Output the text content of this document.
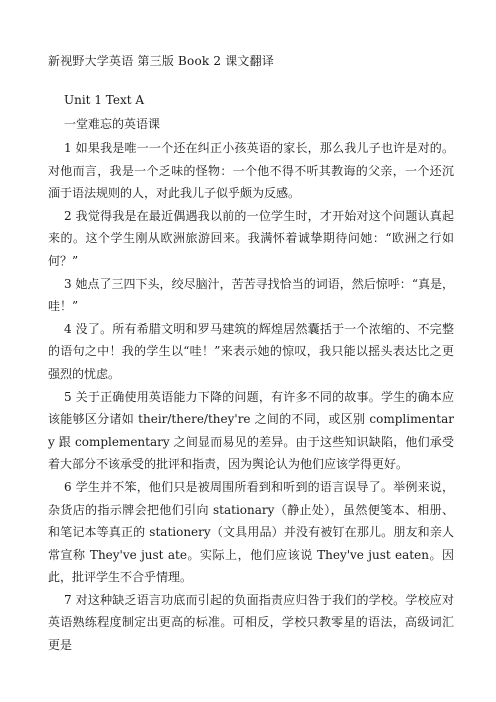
新视野大学英语 第三版 Book 2 课文翻译
Unit 1 Text A
一堂难忘的英语课

1 如果我是唯一一个还在纠正小孩英语的家长，那么我儿子也许是对的。对他而言，我是一个乏味的怪物：一个他不得不听其教诲的父亲，一个还沉湎于语法规则的人，对此我儿子似乎颇为反感。

2 我觉得我是在最近偶遇我以前的一位学生时，才开始对这个问题认真起来的。这个学生刚从欧洲旅游回来。我满怀着诚挚期待问她：“欧洲之行如何？”

3 她点了三四下头，绞尽脑汁，苦苦寻找恰当的词语，然后惊呼：“真是，哇！”

4 没了。所有希腊文明和罗马建筑的辉煌居然囊括于一个浓缩的、不完整的语句之中！我的学生以“哇！”来表示她的惊叹，我只能以摇头表达比之更强烈的忧虑。

5 关于正确使用英语能力下降的问题，有许多不同的故事。学生的确本应该能够区分诸如 their/there/they're 之间的不同，或区别 complimentary 跟 complementary 之间显而易见的差异。由于这些知识缺陷，他们承受着大部分不该承受的批评和指责，因为舆论认为他们应该学得更好。

6 学生并不笨，他们只是被周围所看到和听到的语言误导了。举例来说，杂货店的指示牌会把他们引向 stationary（静止处），虽然便笺本、相册、和笔记本等真正的 stationery（文具用品）并没有被钉在那儿。朋友和亲人常宣称 They've just ate。实际上，他们应该说 They've just eaten。因此，批评学生不合乎情理。

7 对这种缺乏语言功底而引起的负面指责应归咎于我们的学校。学校应对英语熟练程度制定出更高的标准。可相反，学校只教零星的语法，高级词汇更是
